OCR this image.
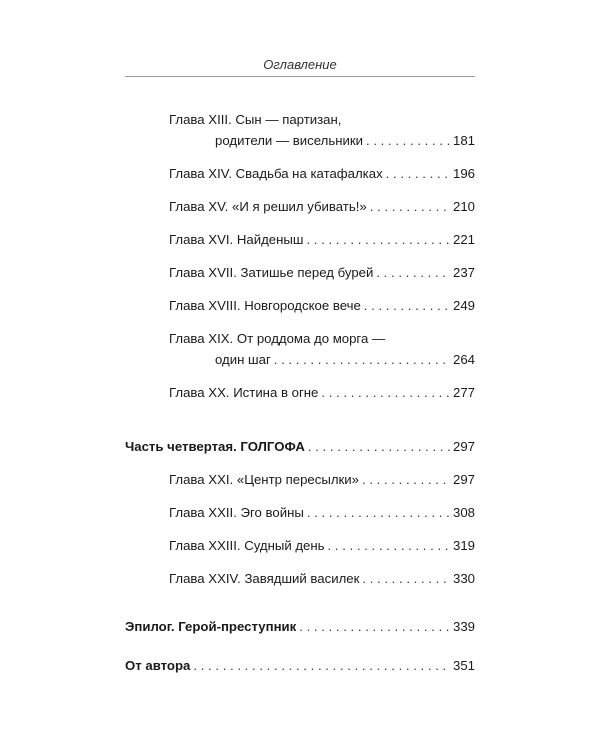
Оглавление
Глава XIII. Сын — партизан,
родители — висельники . . .	181
Глава XIV. Свадьба на катафалках . . .	196
Глава XV. «И я решил убивать!» . . .	210
Глава XVI. Найденыш . . .	221
Глава XVII. Затишье перед бурей . . .	237
Глава XVIII. Новгородское вече . . .	249
Глава XIX. От роддома до морга —
один шаг . . .	264
Глава XX. Истина в огне . . .	277
Часть четвертая. ГОЛГОФА . . .	297
Глава XXI. «Центр пересылки» . . .	297
Глава XXII. Эго войны . . .	308
Глава XXIII. Судный день . . .	319
Глава XXIV. Завядший василек . . .	330
Эпилог. Герой-преступник . . .	339
От автора . . .	351
